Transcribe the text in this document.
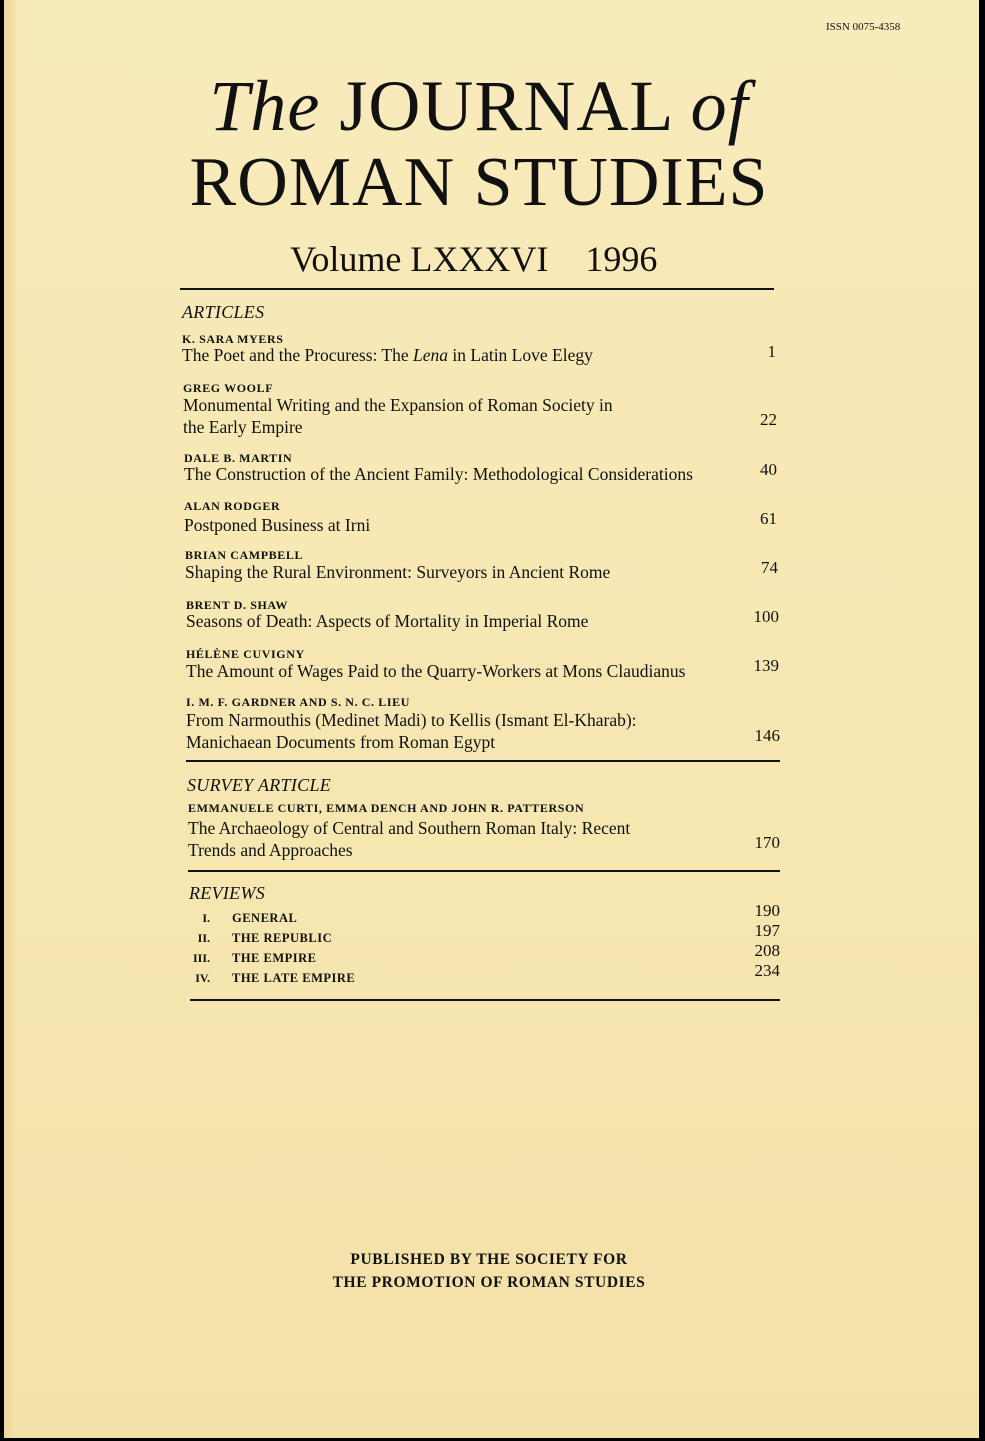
ISSN 0075-4358
The JOURNAL of
ROMAN STUDIES
Volume LXXXVI 1996
ARTICLES
K. SARA MYERS
The Poet and the Procuress: The Lena in Latin Love Elegy	1
GREG WOOLF
Monumental Writing and the Expansion of Roman Society in
the Early Empire	22
DALE B. MARTIN
The Construction of the Ancient Family: Methodological Considerations	40
ALAN RODGER
Postponed Business at Irni	61
BRIAN CAMPBELL
Shaping the Rural Environment: Surveyors in Ancient Rome	74
BRENT D. SHAW
Seasons of Death: Aspects of Mortality in Imperial Rome	100
HÉLÈNE CUVIGNY
The Amount of Wages Paid to the Quarry-Workers at Mons Claudianus	139
I. M. F. GARDNER AND S. N. C. LIEU
From Narmouthis (Medinet Madi) to Kellis (Ismant El-Kharab):
Manichaean Documents from Roman Egypt	146
SURVEY ARTICLE
EMMANUELE CURTI, EMMA DENCH AND JOHN R. PATTERSON
The Archaeology of Central and Southern Roman Italy: Recent
Trends and Approaches	170
REVIEWS
I. GENERAL	190
II. THE REPUBLIC	197
III. THE EMPIRE	208
IV. THE LATE EMPIRE	234
PUBLISHED BY THE SOCIETY FOR
THE PROMOTION OF ROMAN STUDIES
